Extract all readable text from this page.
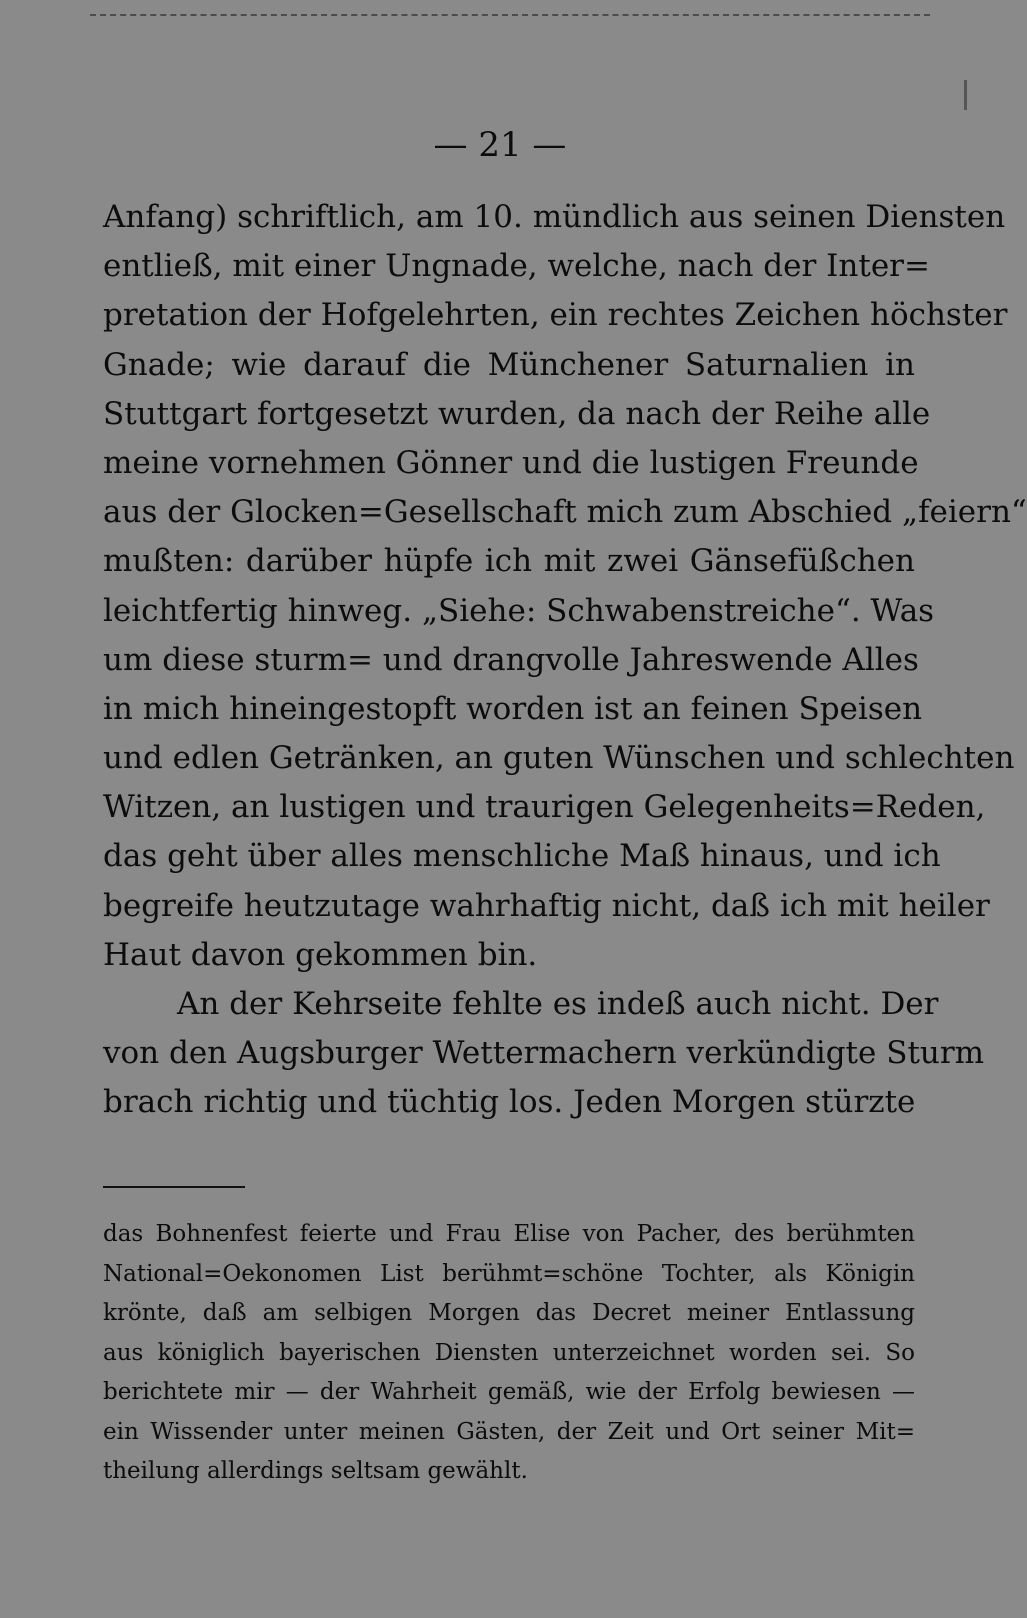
— 21 —
Anfang) schriftlich, am 10. mündlich aus seinen Diensten
entließ, mit einer Ungnade, welche, nach der Inter=
pretation der Hofgelehrten, ein rechtes Zeichen höchster
Gnade; wie darauf die Münchener Saturnalien in
Stuttgart fortgesetzt wurden, da nach der Reihe alle
meine vornehmen Gönner und die lustigen Freunde
aus der Glocken=Gesellschaft mich zum Abschied „feiern“
mußten: darüber hüpfe ich mit zwei Gänsefüßchen
leichtfertig hinweg. „Siehe: Schwabenstreiche“. Was
um diese sturm= und drangvolle Jahreswende Alles
in mich hineingestopft worden ist an feinen Speisen
und edlen Getränken, an guten Wünschen und schlechten
Witzen, an lustigen und traurigen Gelegenheits=Reden,
das geht über alles menschliche Maß hinaus, und ich
begreife heutzutage wahrhaftig nicht, daß ich mit heiler
Haut davon gekommen bin.
An der Kehrseite fehlte es indeß auch nicht. Der
von den Augsburger Wettermachern verkündigte Sturm
brach richtig und tüchtig los. Jeden Morgen stürzte
das Bohnenfest feierte und Frau Elise von Pacher, des berühmten
National=Oekonomen List berühmt=schöne Tochter, als Königin
krönte, daß am selbigen Morgen das Decret meiner Entlassung
aus königlich bayerischen Diensten unterzeichnet worden sei. So
berichtete mir — der Wahrheit gemäß, wie der Erfolg bewiesen —
ein Wissender unter meinen Gästen, der Zeit und Ort seiner Mit=
theilung allerdings seltsam gewählt.
